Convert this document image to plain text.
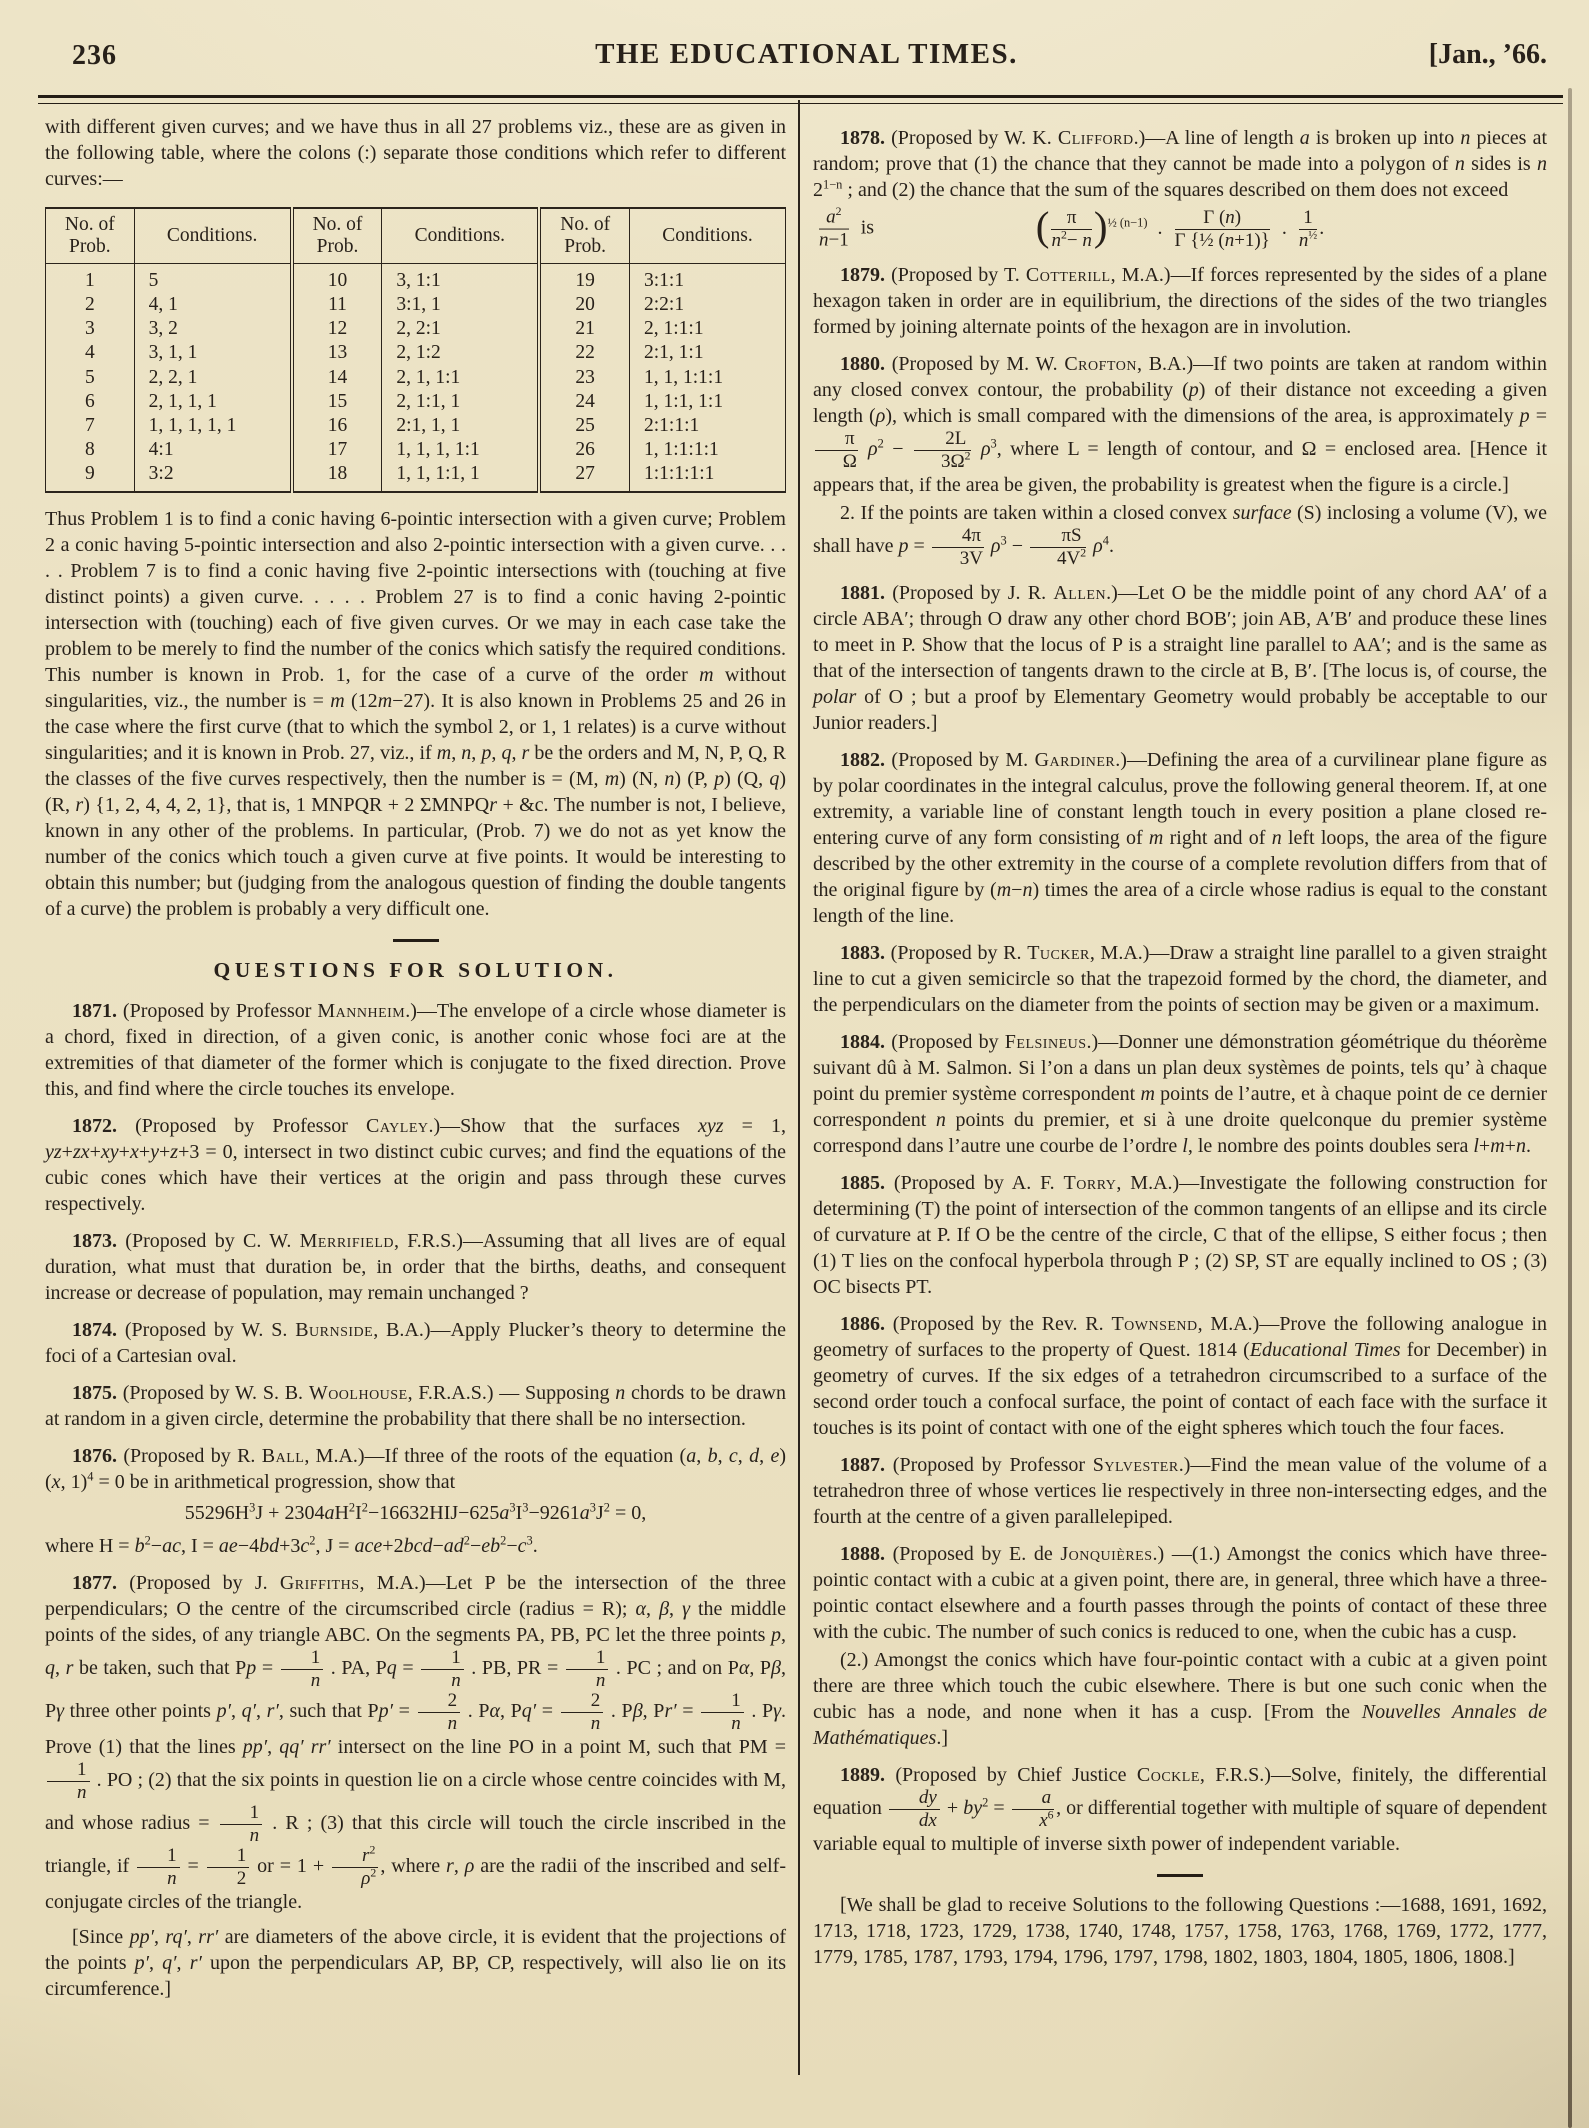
236	THE EDUCATIONAL TIMES.	[Jan., ’66.

with different given curves; and we have thus in all 27 problems viz., these are as given in the following table, where the colons (:) separate those conditions which refer to different curves:—

No. of Prob.	Conditions.	No. of Prob.	Conditions.	No. of Prob.	Conditions.
1	5	10	3, 1:1	19	3:1:1
2	4, 1	11	3:1, 1	20	2:2:1
3	3, 2	12	2, 2:1	21	2, 1:1:1
4	3, 1, 1	13	2, 1:2	22	2:1, 1:1
5	2, 2, 1	14	2, 1, 1:1	23	1, 1, 1:1:1
6	2, 1, 1, 1	15	2, 1:1, 1	24	1, 1:1, 1:1
7	1, 1, 1, 1, 1	16	2:1, 1, 1	25	2:1:1:1
8	4:1	17	1, 1, 1, 1:1	26	1, 1:1:1:1
9	3:2	18	1, 1, 1:1, 1	27	1:1:1:1:1

Thus Problem 1 is to find a conic having 6-pointic intersection with a given curve; Problem 2 a conic having 5-pointic intersection and also 2-pointic intersection with a given curve. . . . . Problem 7 is to find a conic having five 2-pointic intersections with (touching at five distinct points) a given curve. . . . . Problem 27 is to find a conic having 2-pointic intersection with (touching) each of five given curves. Or we may in each case take the problem to be merely to find the number of the conics which satisfy the required conditions. This number is known in Prob. 1, for the case of a curve of the order m without singularities, viz., the number is = m (12m−27). It is also known in Problems 25 and 26 in the case where the first curve (that to which the symbol 2, or 1, 1 relates) is a curve without singularities; and it is known in Prob. 27, viz., if m, n, p, q, r be the orders and M, N, P, Q, R the classes of the five curves respectively, then the number is = (M, m) (N, n) (P, p) (Q, q) (R, r) {1, 2, 4, 4, 2, 1}, that is, 1 MNPQR + 2 ΣMNPQr + &c. The number is not, I believe, known in any other of the problems. In particular, (Prob. 7) we do not as yet know the number of the conics which touch a given curve at five points. It would be interesting to obtain this number; but (judging from the analogous question of finding the double tangents of a curve) the problem is probably a very difficult one.

QUESTIONS FOR SOLUTION.

1871. (Proposed by Professor Mannheim.)—The envelope of a circle whose diameter is a chord, fixed in direction, of a given conic, is another conic whose foci are at the extremities of that diameter of the former which is conjugate to the fixed direction. Prove this, and find where the circle touches its envelope.

1872. (Proposed by Professor Cayley.)—Show that the surfaces xyz = 1, yz+zx+xy+x+y+z+3 = 0, intersect in two distinct cubic curves; and find the equations of the cubic cones which have their vertices at the origin and pass through these curves respectively.

1873. (Proposed by C. W. Merrifield, F.R.S.)—Assuming that all lives are of equal duration, what must that duration be, in order that the births, deaths, and consequent increase or decrease of population, may remain unchanged ?

1874. (Proposed by W. S. Burnside, B.A.)—Apply Plucker’s theory to determine the foci of a Cartesian oval.

1875. (Proposed by W. S. B. Woolhouse, F.R.A.S.) — Supposing n chords to be drawn at random in a given circle, determine the probability that there shall be no intersection.

1876. (Proposed by R. Ball, M.A.)—If three of the roots of the equation (a, b, c, d, e) (x, 1)$^4$ = 0 be in arithmetical progression, show that

$55296H^3J + 2304aH^2I^2-16632HIJ-625a^3I^3-9261a^3J^2 = 0$,

where $H = b^2-ac$, $I = ae-4bd+3c^2$, $J = ace+2bcd-ad^2-eb^2-c^3$.

1877. (Proposed by J. Griffiths, M.A.)—Let P be the intersection of the three perpendiculars; O the centre of the circumscribed circle (radius = R); α, β, γ the middle points of the sides, of any triangle ABC. On the segments PA, PB, PC let the three points p, q, r be taken, such that $Pp = \frac{1}{n}$ . PA, $Pq = \frac{1}{n}$ . PB, PR = $\frac{1}{n}$ . PC ; and on Pα, Pβ, Pγ three other points p′, q′, r′, such that $Pp' = \frac{2}{n}$ . Pα, $Pq' = \frac{2}{n}$ . Pβ, $Pr' = \frac{1}{n}$ . Pγ. Prove (1) that the lines pp′, qq′ rr′ intersect on the line PO in a point M, such that PM =
$\frac{1}{n}$ . PO ; (2) that the six points in question lie on a circle whose centre coincides with M, and whose radius = $\frac{1}{n}$ . R ; (3) that this circle will touch the circle inscribed in the triangle, if $\frac{1}{n} = \frac{1}{2}$ or = $1 + \frac{r^2}{\rho^2}$ , where r, ρ are the radii of the inscribed and self-conjugate circles of the triangle.

[Since pp′, rq′, rr′ are diameters of the above circle, it is evident that the projections of the points p′, q′, r′ upon the perpendiculars AP, BP, CP, respectively, will also lie on its circumference.]

1878. (Proposed by W. K. Clifford.)—A line of length a is broken up into n pieces at random; prove that (1) the chance that they cannot be made into a polygon of n sides is n $2^{1-n}$ ; and (2) the chance that the sum of the squares described on them does not exceed

$\frac{a^2}{n-1}$  is	( $\frac{\pi}{n^2- n} )^{\frac{1}{2} (n-1)}$ .  $\frac{\Gamma (n)}{\text{Γ \{½ (n+1)\}}}$  .  $\frac{1}{n^{\frac{1}{2}}}$ .

1879. (Proposed by T. Cotterill, M.A.)—If forces represented by the sides of a plane hexagon taken in order are in equilibrium, the directions of the sides of the two triangles formed by joining alternate points of the hexagon are in involution.

1880. (Proposed by M. W. Crofton, B.A.)—If two points are taken at random within any closed convex contour, the probability (p) of their distance not exceeding a given length (ρ), which is small compared with the dimensions of the area, is approximately p =
$\frac{\pi}{\Omega} \rho^2 - \frac{2L}{3\Omega^2} \rho^3$, where L = length of contour, and Ω = enclosed area. [Hence it appears that, if the area be given, the probability is greatest when the figure is a circle.]

2. If the points are taken within a closed convex surface (S) inclosing a volume (V), we shall have $p = \frac{4\pi}{3V} \rho^3 - \frac{\pi S}{4V^2} \rho^4$.

1881. (Proposed by J. R. Allen.)—Let O be the middle point of any chord AA′ of a circle ABA′; through O draw any other chord BOB′; join AB, A′B′ and produce these lines to meet in P. Show that the locus of P is a straight line parallel to AA′; and is the same as that of the intersection of tangents drawn to the circle at B, B′. [The locus is, of course, the polar of O ; but a proof by Elementary Geometry would probably be acceptable to our Junior readers.]

1882. (Proposed by M. Gardiner.)—Defining the area of a curvilinear plane figure as by polar coordinates in the integral calculus, prove the following general theorem. If, at one extremity, a variable line of constant length touch in every position a plane closed re-entering curve of any form consisting of m right and of n left loops, the area of the figure described by the other extremity in the course of a complete revolution differs from that of the original figure by (m−n) times the area of a circle whose radius is equal to the constant length of the line.

1883. (Proposed by R. Tucker, M.A.)—Draw a straight line parallel to a given straight line to cut a given semicircle so that the trapezoid formed by the chord, the diameter, and the perpendiculars on the diameter from the points of section may be given or a maximum.

1884. (Proposed by Felsineus.)—Donner une démonstration géométrique du théorème suivant dû à M. Salmon. Si l’on a dans un plan deux systèmes de points, tels qu’ à chaque point du premier système correspondent m points de l’autre, et à chaque point de ce dernier correspondent n points du premier, et si à une droite quelconque du premier système correspond dans l’autre une courbe de l’ordre l, le nombre des points doubles sera l+m+n.

1885. (Proposed by A. F. Torry, M.A.)—Investigate the following construction for determining (T) the point of intersection of the common tangents of an ellipse and its circle of curvature at P. If O be the centre of the circle, C that of the ellipse, S either focus ; then (1) T lies on the confocal hyperbola through P ; (2) SP, ST are equally inclined to OS ; (3) OC bisects PT.

1886. (Proposed by the Rev. R. Townsend, M.A.)—Prove the following analogue in geometry of surfaces to the property of Quest. 1814 (Educational Times for December) in geometry of curves. If the six edges of a tetrahedron circumscribed to a surface of the second order touch a confocal surface, the point of contact of each face with the surface it touches is its point of contact with one of the eight spheres which touch the four faces.

1887. (Proposed by Professor Sylvester.)—Find the mean value of the volume of a tetrahedron three of whose vertices lie respectively in three non-intersecting edges, and the fourth at the centre of a given parallelepiped.

1888. (Proposed by E. de Jonquières.) —(1.) Amongst the conics which have three-pointic contact with a cubic at a given point, there are, in general, three which have a three-pointic contact elsewhere and a fourth passes through the points of contact of these three with the cubic. The number of such conics is reduced to one, when the cubic has a cusp.

(2.) Amongst the conics which have four-pointic contact with a cubic at a given point there are three which touch the cubic elsewhere. There is but one such conic when the cubic has a node, and none when it has a cusp. [From the Nouvelles Annales de Mathématiques.]

1889. (Proposed by Chief Justice Cockle, F.R.S.)—Solve, finitely, the differential equation $\frac{dy}{dx} + by^2 = \frac{a}{x^6}$ , or differential together with multiple of square of dependent variable equal to multiple of inverse sixth power of independent variable.

[We shall be glad to receive Solutions to the following Questions :—1688, 1691, 1692, 1713, 1718, 1723, 1729, 1738, 1740, 1748, 1757, 1758, 1763, 1768, 1769, 1772, 1777, 1779, 1785, 1787, 1793, 1794, 1796, 1797, 1798, 1802, 1803, 1804, 1805, 1806, 1808.]
